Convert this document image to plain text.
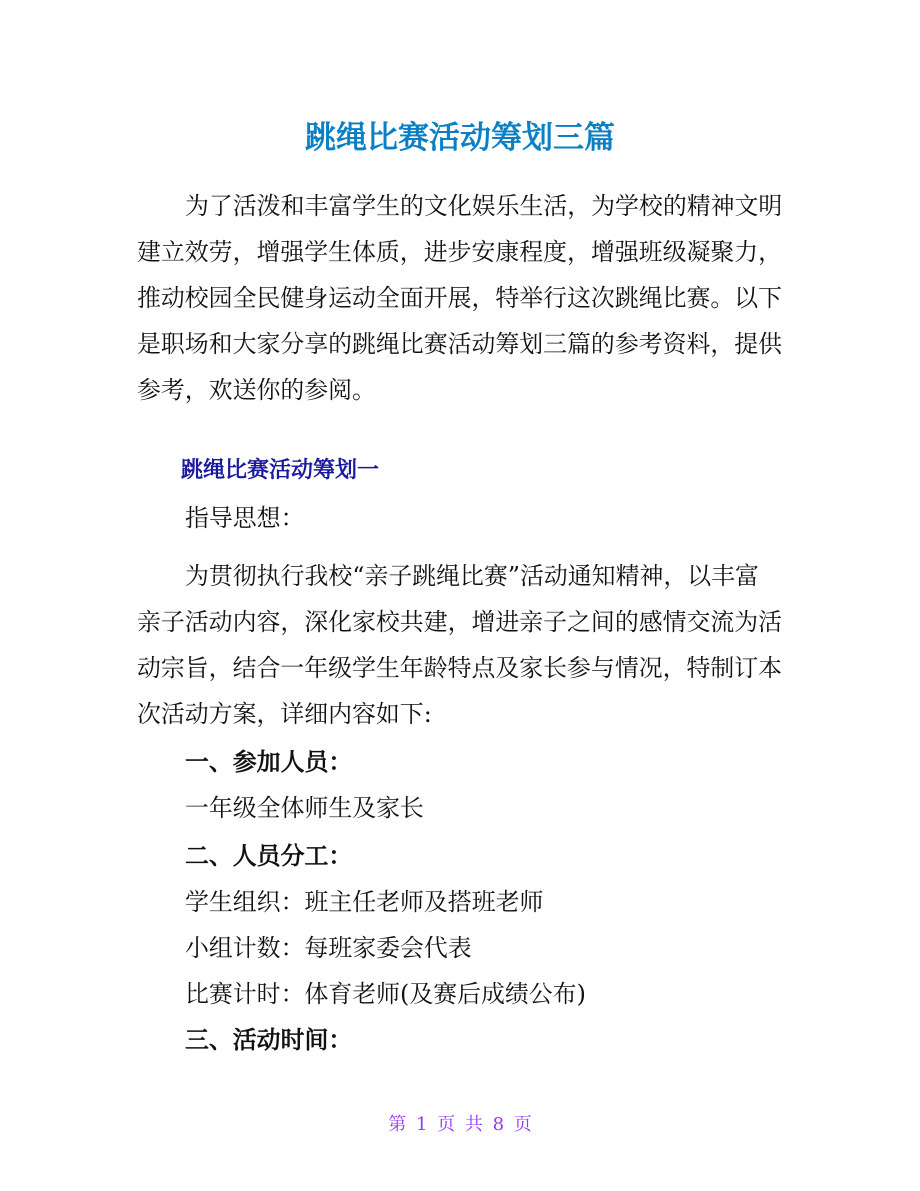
跳绳比赛活动筹划三篇
为了活泼和丰富学生的文化娱乐生活，为学校的精神文明
建立效劳，增强学生体质，进步安康程度，增强班级凝聚力，
推动校园全民健身运动全面开展，特举行这次跳绳比赛。以下
是职场和大家分享的跳绳比赛活动筹划三篇的参考资料，提供
参考，欢送你的参阅。
跳绳比赛活动筹划一
指导思想：
为贯彻执行我校“亲子跳绳比赛”活动通知精神，以丰富
亲子活动内容，深化家校共建，增进亲子之间的感情交流为活
动宗旨，结合一年级学生年龄特点及家长参与情况，特制订本
次活动方案，详细内容如下:
一、参加人员：
一年级全体师生及家长
二、人员分工：
学生组织：班主任老师及搭班老师
小组计数：每班家委会代表
比赛计时：体育老师(及赛后成绩公布)
三、活动时间：
第 1 页 共 8 页
